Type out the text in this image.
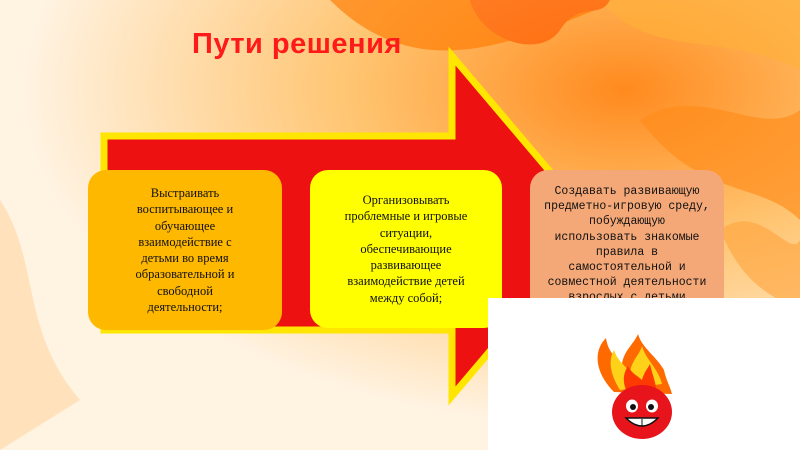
Пути решения
Выстраивать
воспитывающее и
обучающее
взаимодействие с
детьми во время
образовательной и
свободной
деятельности;
Организовывать
проблемные и игровые
ситуации,
обеспечивающие
развивающее
взаимодействие детей
между собой;
Создавать развивающую
предметно-игровую среду,
побуждающую
использовать знакомые
правила в
самостоятельной и
совместной деятельности
